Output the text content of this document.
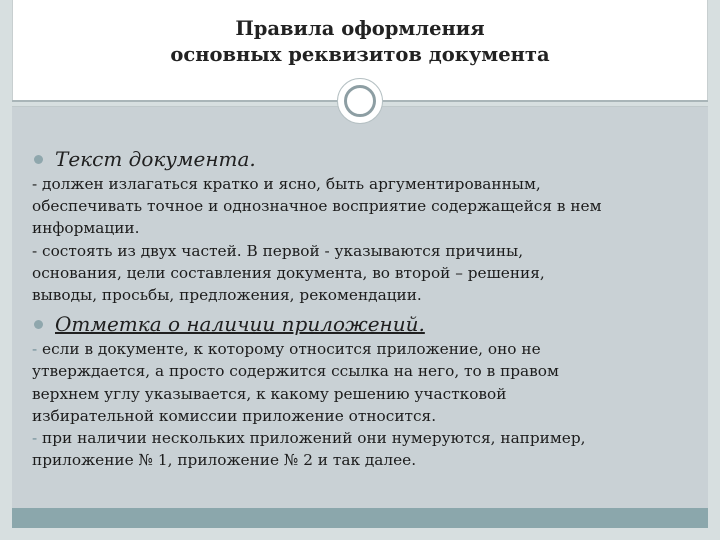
Правила оформления
основных реквизитов документа
Текст документа.
- должен излагаться кратко и ясно, быть аргументированным,
обеспечивать точное и однозначное восприятие содержащейся в нем
информации.
- состоять из двух частей. В первой - указываются причины,
основания, цели составления документа, во второй – решения,
выводы, просьбы, предложения, рекомендации.
Отметка о наличии приложений.
- если в документе, к которому относится приложение, оно не
утверждается, а просто содержится ссылка на него, то в правом
верхнем углу указывается, к какому решению участковой
избирательной комиссии приложение относится.
- при наличии нескольких приложений они нумеруются, например,
приложение № 1, приложение № 2 и так далее.
